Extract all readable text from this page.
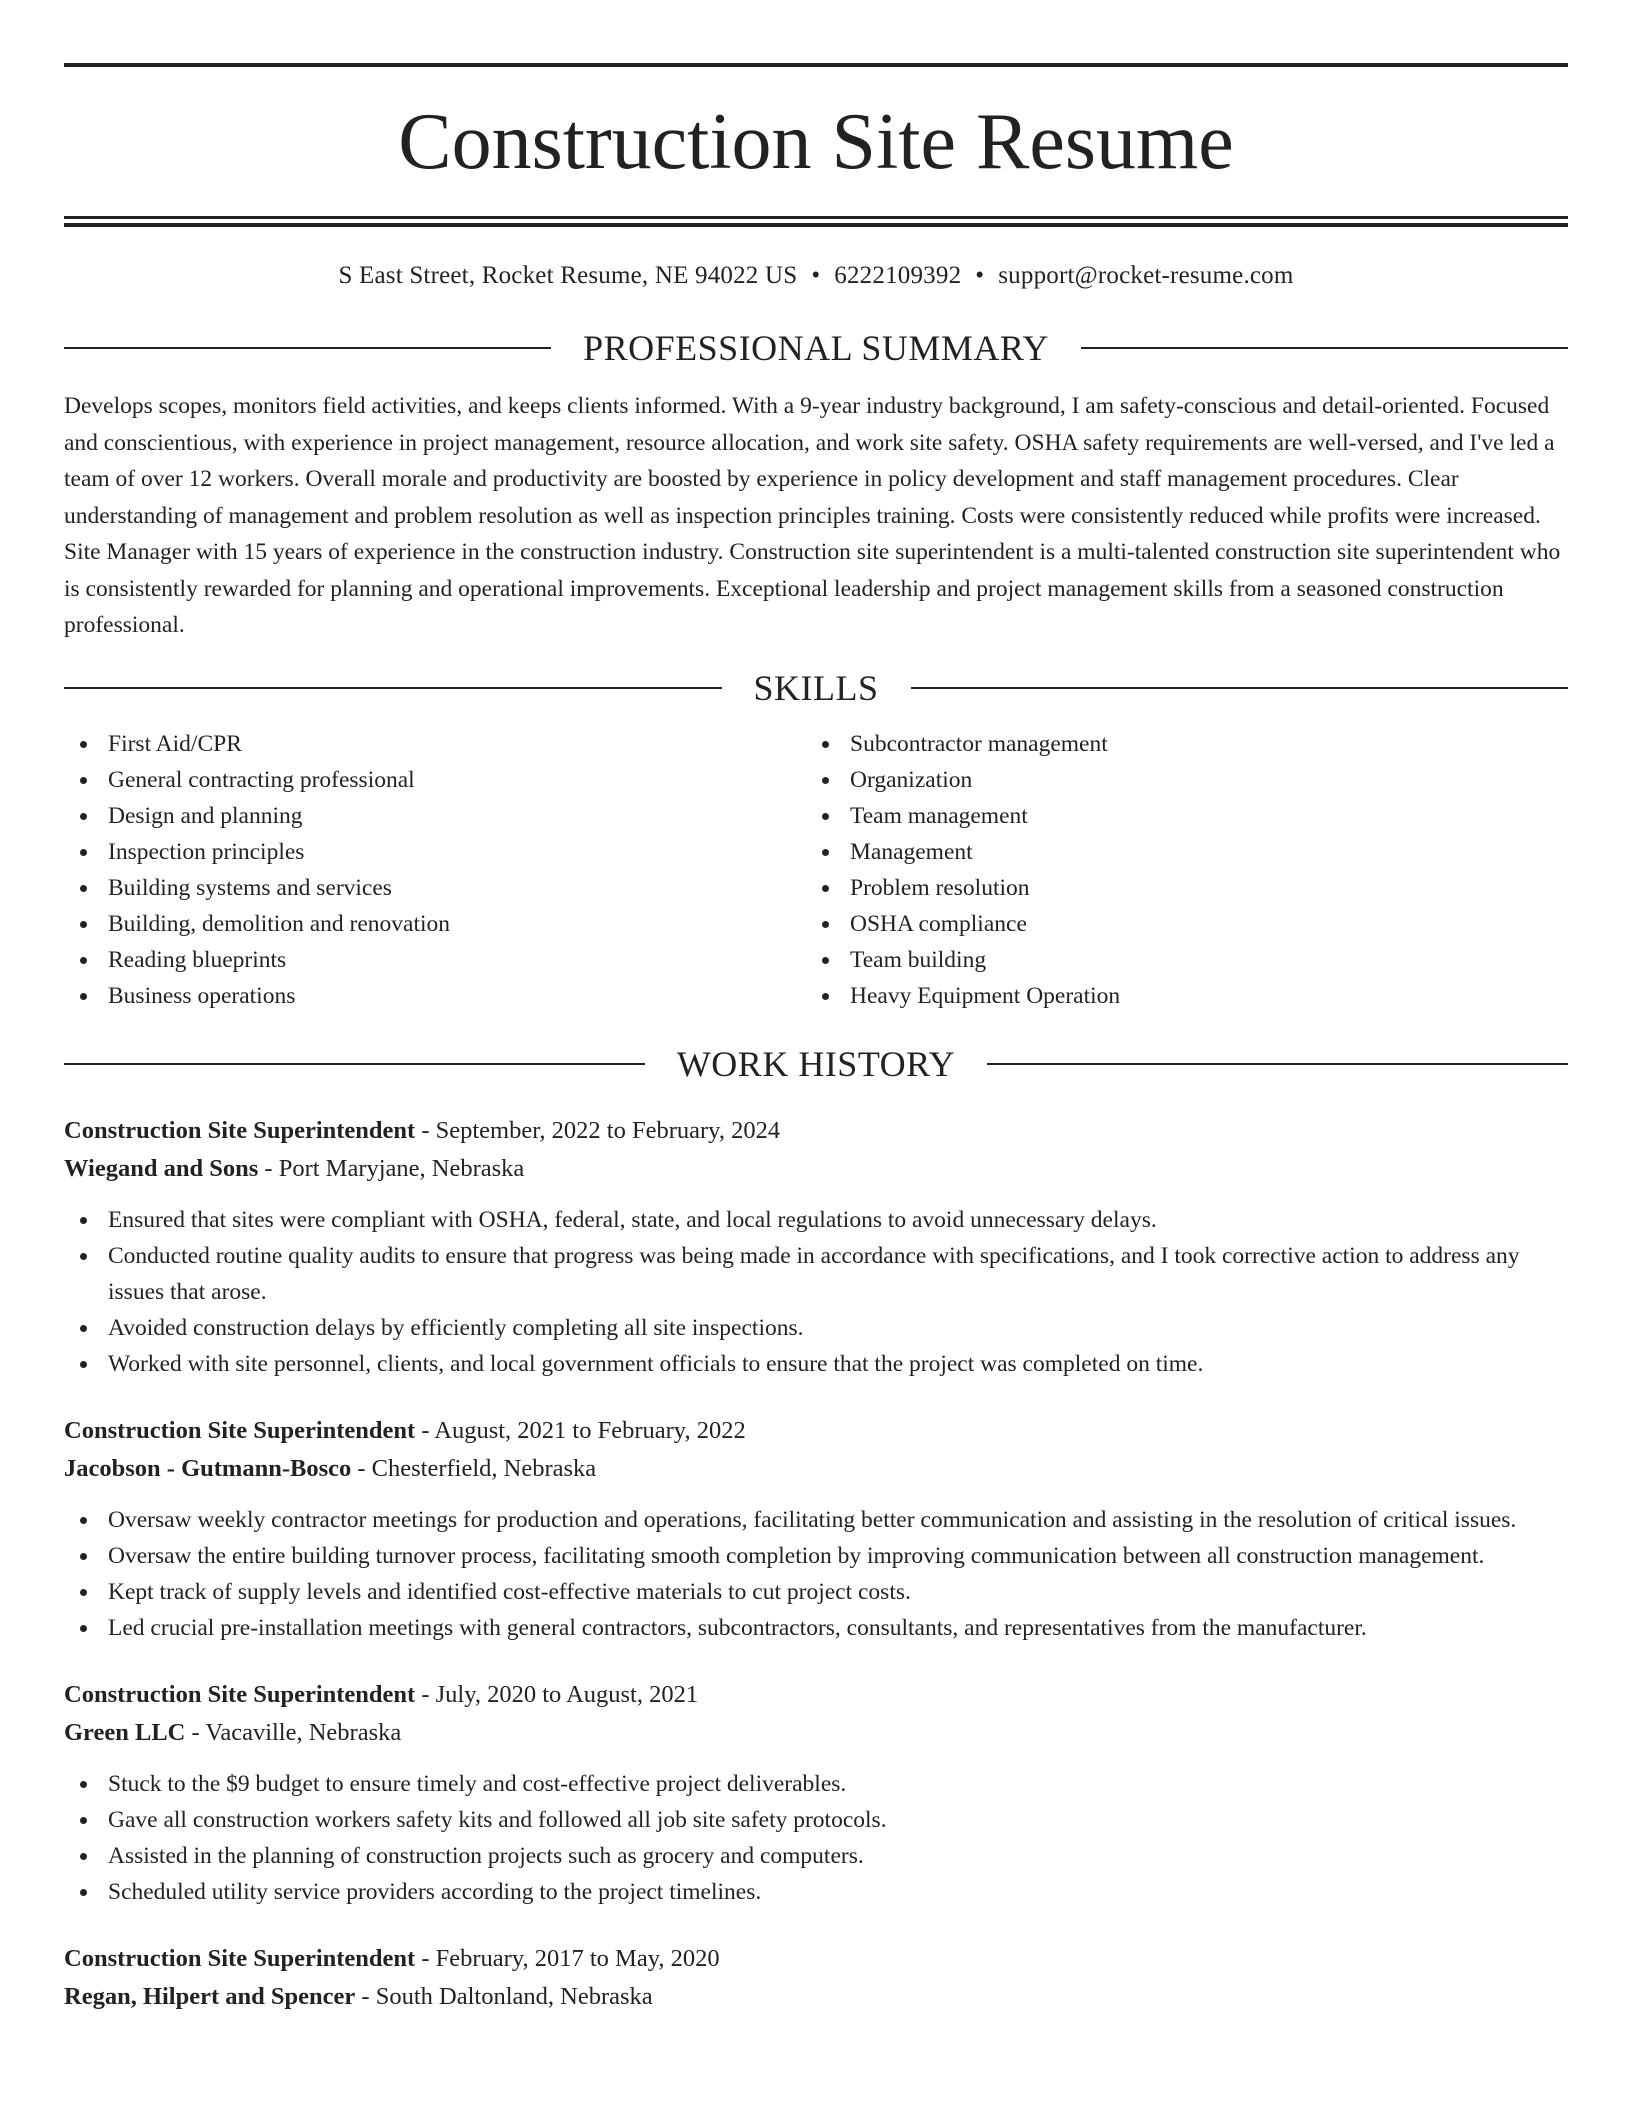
Construction Site Resume
S East Street, Rocket Resume, NE 94022 US • 6222109392 • support@rocket-resume.com
PROFESSIONAL SUMMARY
Develops scopes, monitors field activities, and keeps clients informed. With a 9-year industry background, I am safety-conscious and detail-oriented. Focused and conscientious, with experience in project management, resource allocation, and work site safety. OSHA safety requirements are well-versed, and I've led a team of over 12 workers. Overall morale and productivity are boosted by experience in policy development and staff management procedures. Clear understanding of management and problem resolution as well as inspection principles training. Costs were consistently reduced while profits were increased. Site Manager with 15 years of experience in the construction industry. Construction site superintendent is a multi-talented construction site superintendent who is consistently rewarded for planning and operational improvements. Exceptional leadership and project management skills from a seasoned construction professional.
SKILLS
First Aid/CPR
General contracting professional
Design and planning
Inspection principles
Building systems and services
Building, demolition and renovation
Reading blueprints
Business operations
Subcontractor management
Organization
Team management
Management
Problem resolution
OSHA compliance
Team building
Heavy Equipment Operation
WORK HISTORY
Construction Site Superintendent - September, 2022 to February, 2024
Wiegand and Sons - Port Maryjane, Nebraska
Ensured that sites were compliant with OSHA, federal, state, and local regulations to avoid unnecessary delays.
Conducted routine quality audits to ensure that progress was being made in accordance with specifications, and I took corrective action to address any issues that arose.
Avoided construction delays by efficiently completing all site inspections.
Worked with site personnel, clients, and local government officials to ensure that the project was completed on time.
Construction Site Superintendent - August, 2021 to February, 2022
Jacobson - Gutmann-Bosco - Chesterfield, Nebraska
Oversaw weekly contractor meetings for production and operations, facilitating better communication and assisting in the resolution of critical issues.
Oversaw the entire building turnover process, facilitating smooth completion by improving communication between all construction management.
Kept track of supply levels and identified cost-effective materials to cut project costs.
Led crucial pre-installation meetings with general contractors, subcontractors, consultants, and representatives from the manufacturer.
Construction Site Superintendent - July, 2020 to August, 2021
Green LLC - Vacaville, Nebraska
Stuck to the $9 budget to ensure timely and cost-effective project deliverables.
Gave all construction workers safety kits and followed all job site safety protocols.
Assisted in the planning of construction projects such as grocery and computers.
Scheduled utility service providers according to the project timelines.
Construction Site Superintendent - February, 2017 to May, 2020
Regan, Hilpert and Spencer - South Daltonland, Nebraska
